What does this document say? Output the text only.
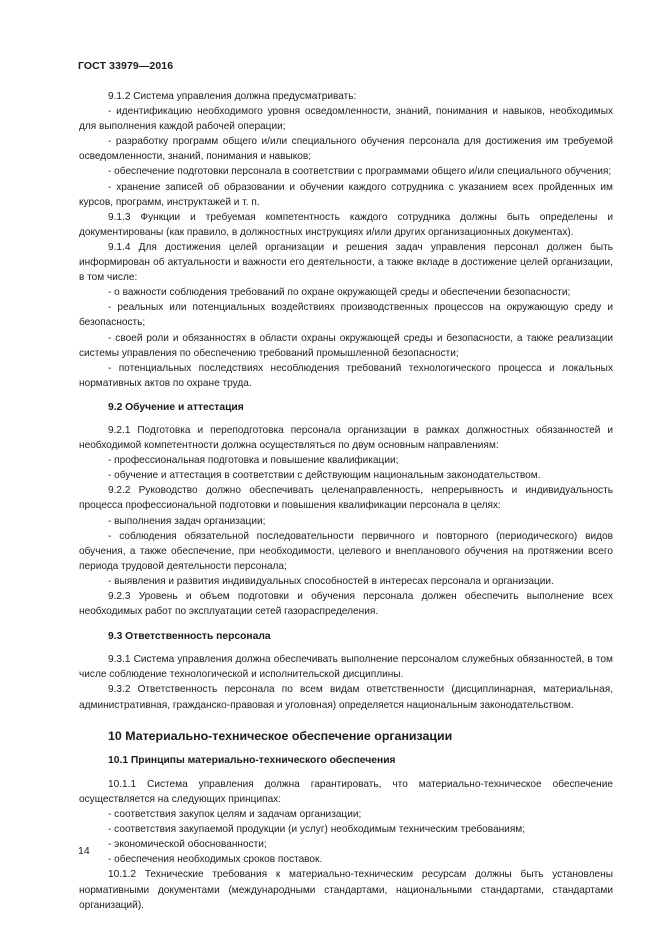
ГОСТ 33979—2016

9.1.2 Система управления должна предусматривать:

- идентификацию необходимого уровня осведомленности, знаний, понимания и навыков, необходимых для выполнения каждой рабочей операции;

- разработку программ общего и/или специального обучения персонала для достижения им требуемой осведомленности, знаний, понимания и навыков;

- обеспечение подготовки персонала в соответствии с программами общего и/или специального обучения;

- хранение записей об образовании и обучении каждого сотрудника с указанием всех пройденных им курсов, программ, инструктажей и т. п.

9.1.3 Функции и требуемая компетентность каждого сотрудника должны быть определены и документированы (как правило, в должностных инструкциях и/или других организационных документах).

9.1.4 Для достижения целей организации и решения задач управления персонал должен быть информирован об актуальности и важности его деятельности, а также вкладе в достижение целей организации, в том числе:

- о важности соблюдения требований по охране окружающей среды и обеспечении безопасности;

- реальных или потенциальных воздействиях производственных процессов на окружающую среду и безопасность;

- своей роли и обязанностях в области охраны окружающей среды и безопасности, а также реализации системы управления по обеспечению требований промышленной безопасности;

- потенциальных последствиях несоблюдения требований технологического процесса и локальных нормативных актов по охране труда.

9.2 Обучение и аттестация

9.2.1 Подготовка и переподготовка персонала организации в рамках должностных обязанностей и необходимой компетентности должна осуществляться по двум основным направлениям:

- профессиональная подготовка и повышение квалификации;

- обучение и аттестация в соответствии с действующим национальным законодательством.

9.2.2 Руководство должно обеспечивать целенаправленность, непрерывность и индивидуальность процесса профессиональной подготовки и повышения квалификации персонала в целях:

- выполнения задач организации;

- соблюдения обязательной последовательности первичного и повторного (периодического) видов обучения, а также обеспечение, при необходимости, целевого и внепланового обучения на протяжении всего периода трудовой деятельности персонала;

- выявления и развития индивидуальных способностей в интересах персонала и организации.

9.2.3 Уровень и объем подготовки и обучения персонала должен обеспечить выполнение всех необходимых работ по эксплуатации сетей газораспределения.

9.3 Ответственность персонала

9.3.1 Система управления должна обеспечивать выполнение персоналом служебных обязанностей, в том числе соблюдение технологической и исполнительской дисциплины.

9.3.2 Ответственность персонала по всем видам ответственности (дисциплинарная, материальная, административная, гражданско-правовая и уголовная) определяется национальным законодательством.

10 Материально-техническое обеспечение организации
10.1 Принципы материально-технического обеспечения

10.1.1 Система управления должна гарантировать, что материально-техническое обеспечение осуществляется на следующих принципах:

- соответствия закупок целям и задачам организации;

- соответствия закупаемой продукции (и услуг) необходимым техническим требованиям;

- экономической обоснованности;

- обеспечения необходимых сроков поставок.

10.1.2 Технические требования к материально-техническим ресурсам должны быть установлены нормативными документами (международными стандартами, национальными стандартами, стандартами организаций).

14
